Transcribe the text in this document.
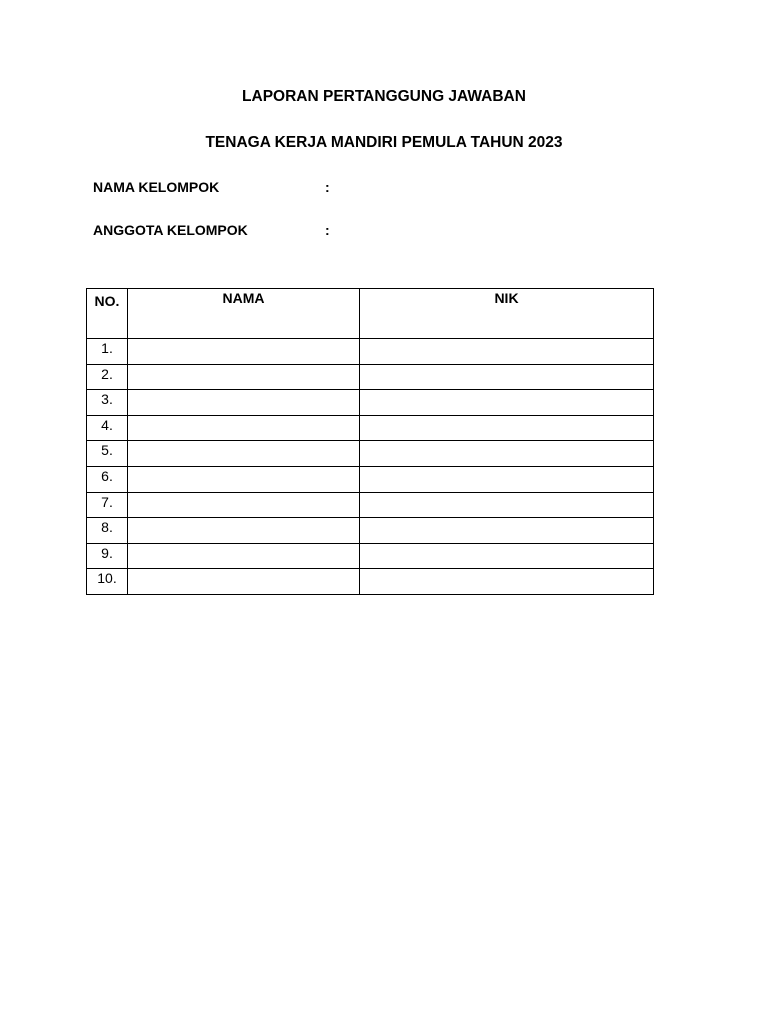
LAPORAN PERTANGGUNG JAWABAN
TENAGA KERJA MANDIRI PEMULA TAHUN 2023
NAMA KELOMPOK	:
ANGGOTA KELOMPOK	:
NO.	NAMA	NIK
1.		
2.		
3.		
4.		
5.		
6.		
7.		
8.		
9.		
10.		
